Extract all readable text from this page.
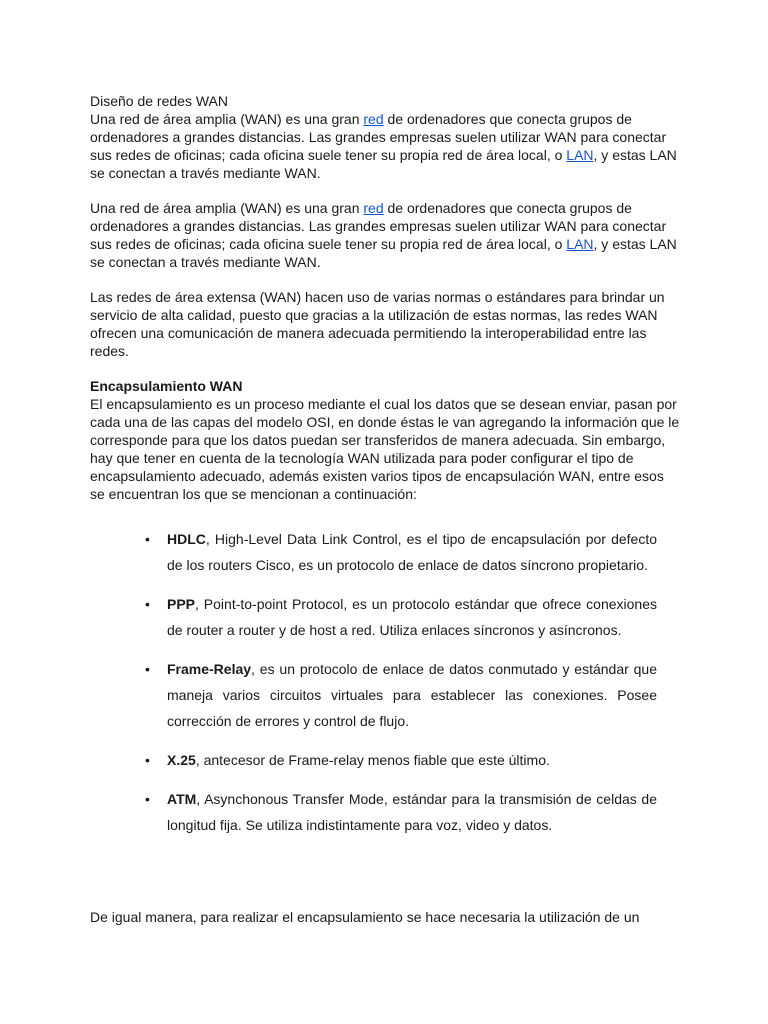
Diseño de redes WAN

Una red de área amplia (WAN) es una gran red de ordenadores que conecta grupos de ordenadores a grandes distancias. Las grandes empresas suelen utilizar WAN para conectar sus redes de oficinas; cada oficina suele tener su propia red de área local, o LAN, y estas LAN se conectan a través mediante WAN.

Una red de área amplia (WAN) es una gran red de ordenadores que conecta grupos de ordenadores a grandes distancias. Las grandes empresas suelen utilizar WAN para conectar sus redes de oficinas; cada oficina suele tener su propia red de área local, o LAN, y estas LAN se conectan a través mediante WAN.

Las redes de área extensa (WAN) hacen uso de varias normas o estándares para brindar un servicio de alta calidad, puesto que gracias a la utilización de estas normas, las redes WAN ofrecen una comunicación de manera adecuada permitiendo la interoperabilidad entre las redes.

Encapsulamiento WAN

El encapsulamiento es un proceso mediante el cual los datos que se desean enviar, pasan por cada una de las capas del modelo OSI, en donde éstas le van agregando la información que le corresponde para que los datos puedan ser transferidos de manera adecuada. Sin embargo, hay que tener en cuenta de la tecnología WAN utilizada para poder configurar el tipo de encapsulamiento adecuado, además existen varios tipos de encapsulación WAN, entre esos se encuentran los que se mencionan a continuación:

• HDLC, High-Level Data Link Control, es el tipo de encapsulación por defecto de los routers Cisco, es un protocolo de enlace de datos síncrono propietario.
• PPP, Point-to-point Protocol, es un protocolo estándar que ofrece conexiones de router a router y de host a red. Utiliza enlaces síncronos y asíncronos.
• Frame-Relay, es un protocolo de enlace de datos conmutado y estándar que maneja varios circuitos virtuales para establecer las conexiones. Posee corrección de errores y control de flujo.
• X.25, antecesor de Frame-relay menos fiable que este último.
• ATM, Asynchonous Transfer Mode, estándar para la transmisión de celdas de longitud fija. Se utiliza indistintamente para voz, video y datos.

De igual manera, para realizar el encapsulamiento se hace necesaria la utilización de un
